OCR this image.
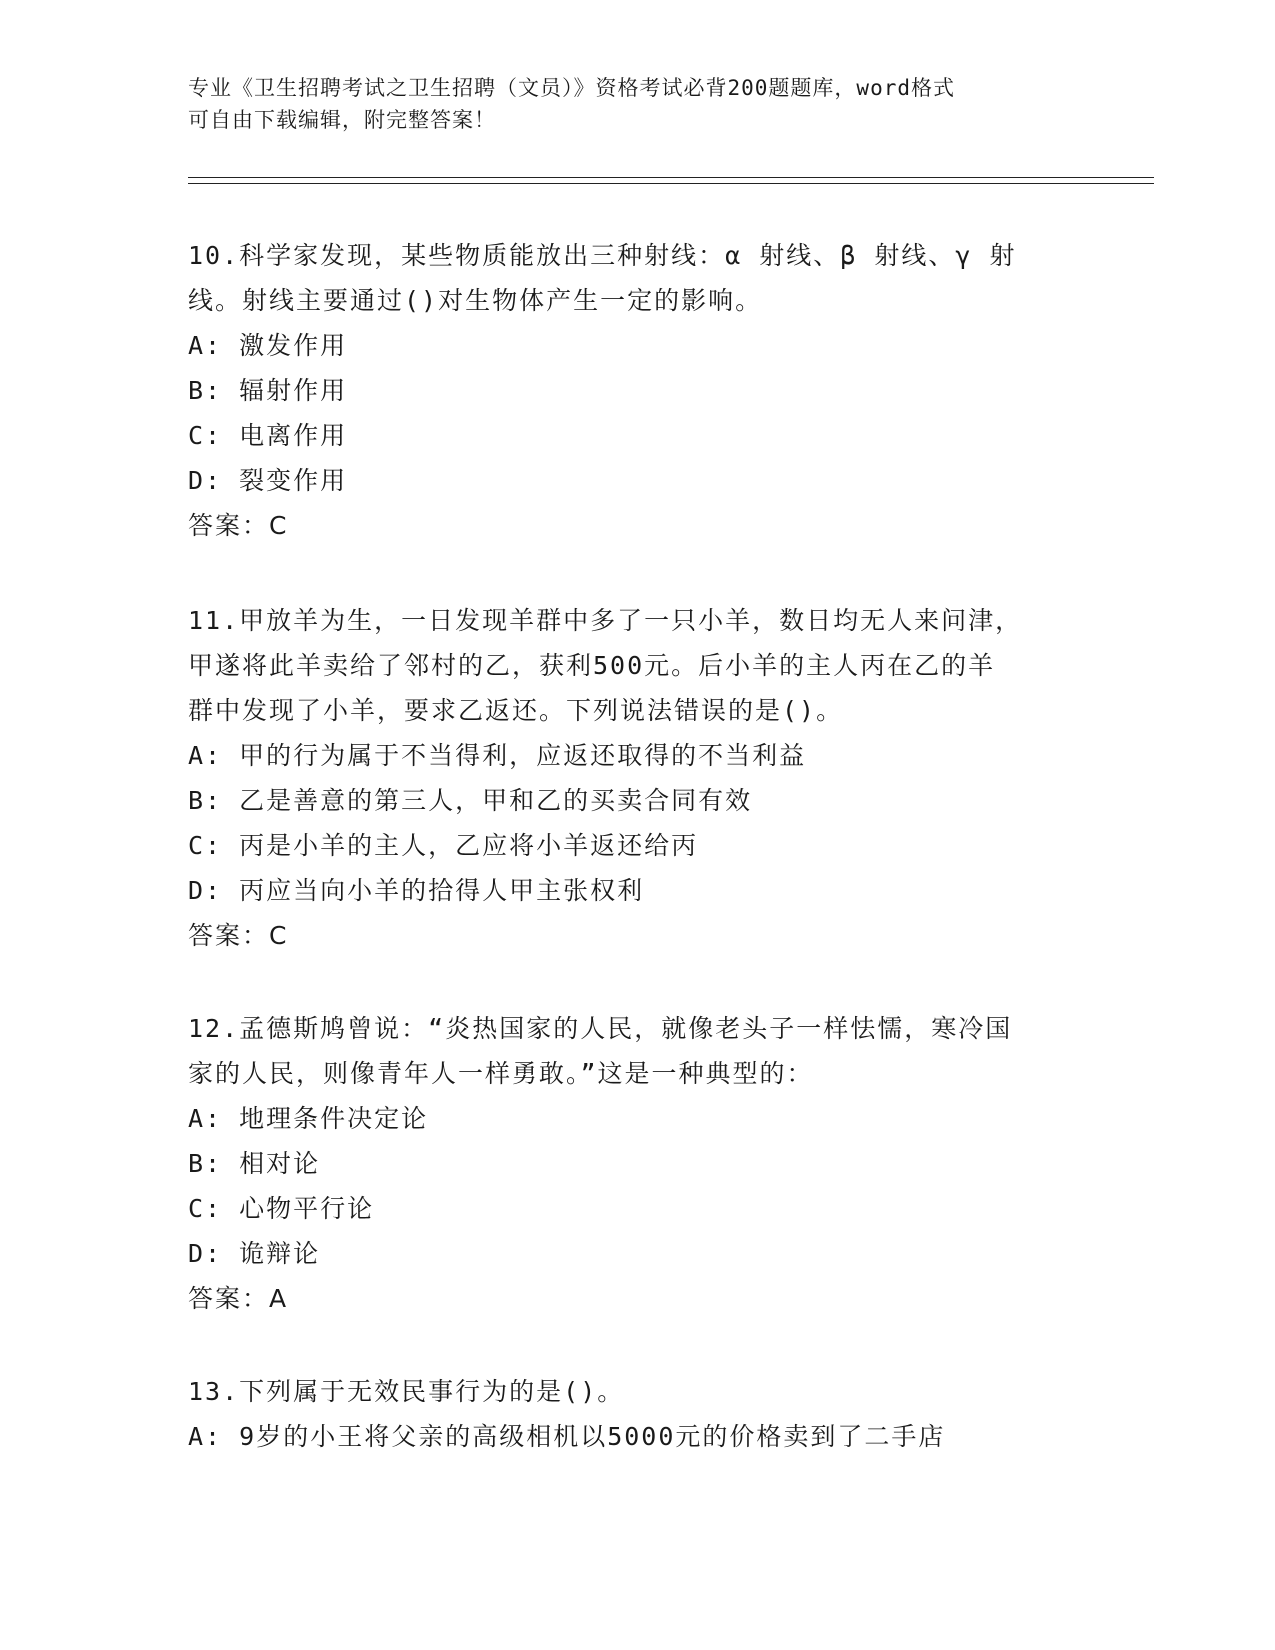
专业《卫生招聘考试之卫生招聘（文员）》资格考试必背200题题库，word格式
可自由下载编辑，附完整答案！
10.科学家发现，某些物质能放出三种射线：α 射线、β 射线、γ 射
线。射线主要通过()对生物体产生一定的影响。
A: 激发作用
B: 辐射作用
C: 电离作用
D: 裂变作用
答案：C
11.甲放羊为生，一日发现羊群中多了一只小羊，数日均无人来问津，
甲遂将此羊卖给了邻村的乙，获利500元。后小羊的主人丙在乙的羊
群中发现了小羊，要求乙返还。下列说法错误的是()。
A: 甲的行为属于不当得利，应返还取得的不当利益
B: 乙是善意的第三人，甲和乙的买卖合同有效
C: 丙是小羊的主人，乙应将小羊返还给丙
D: 丙应当向小羊的拾得人甲主张权利
答案：C
12.孟德斯鸠曾说：“炎热国家的人民，就像老头子一样怯懦，寒冷国
家的人民，则像青年人一样勇敢。”这是一种典型的：
A: 地理条件决定论
B: 相对论
C: 心物平行论
D: 诡辩论
答案：A
13.下列属于无效民事行为的是()。
A: 9岁的小王将父亲的高级相机以5000元的价格卖到了二手店
